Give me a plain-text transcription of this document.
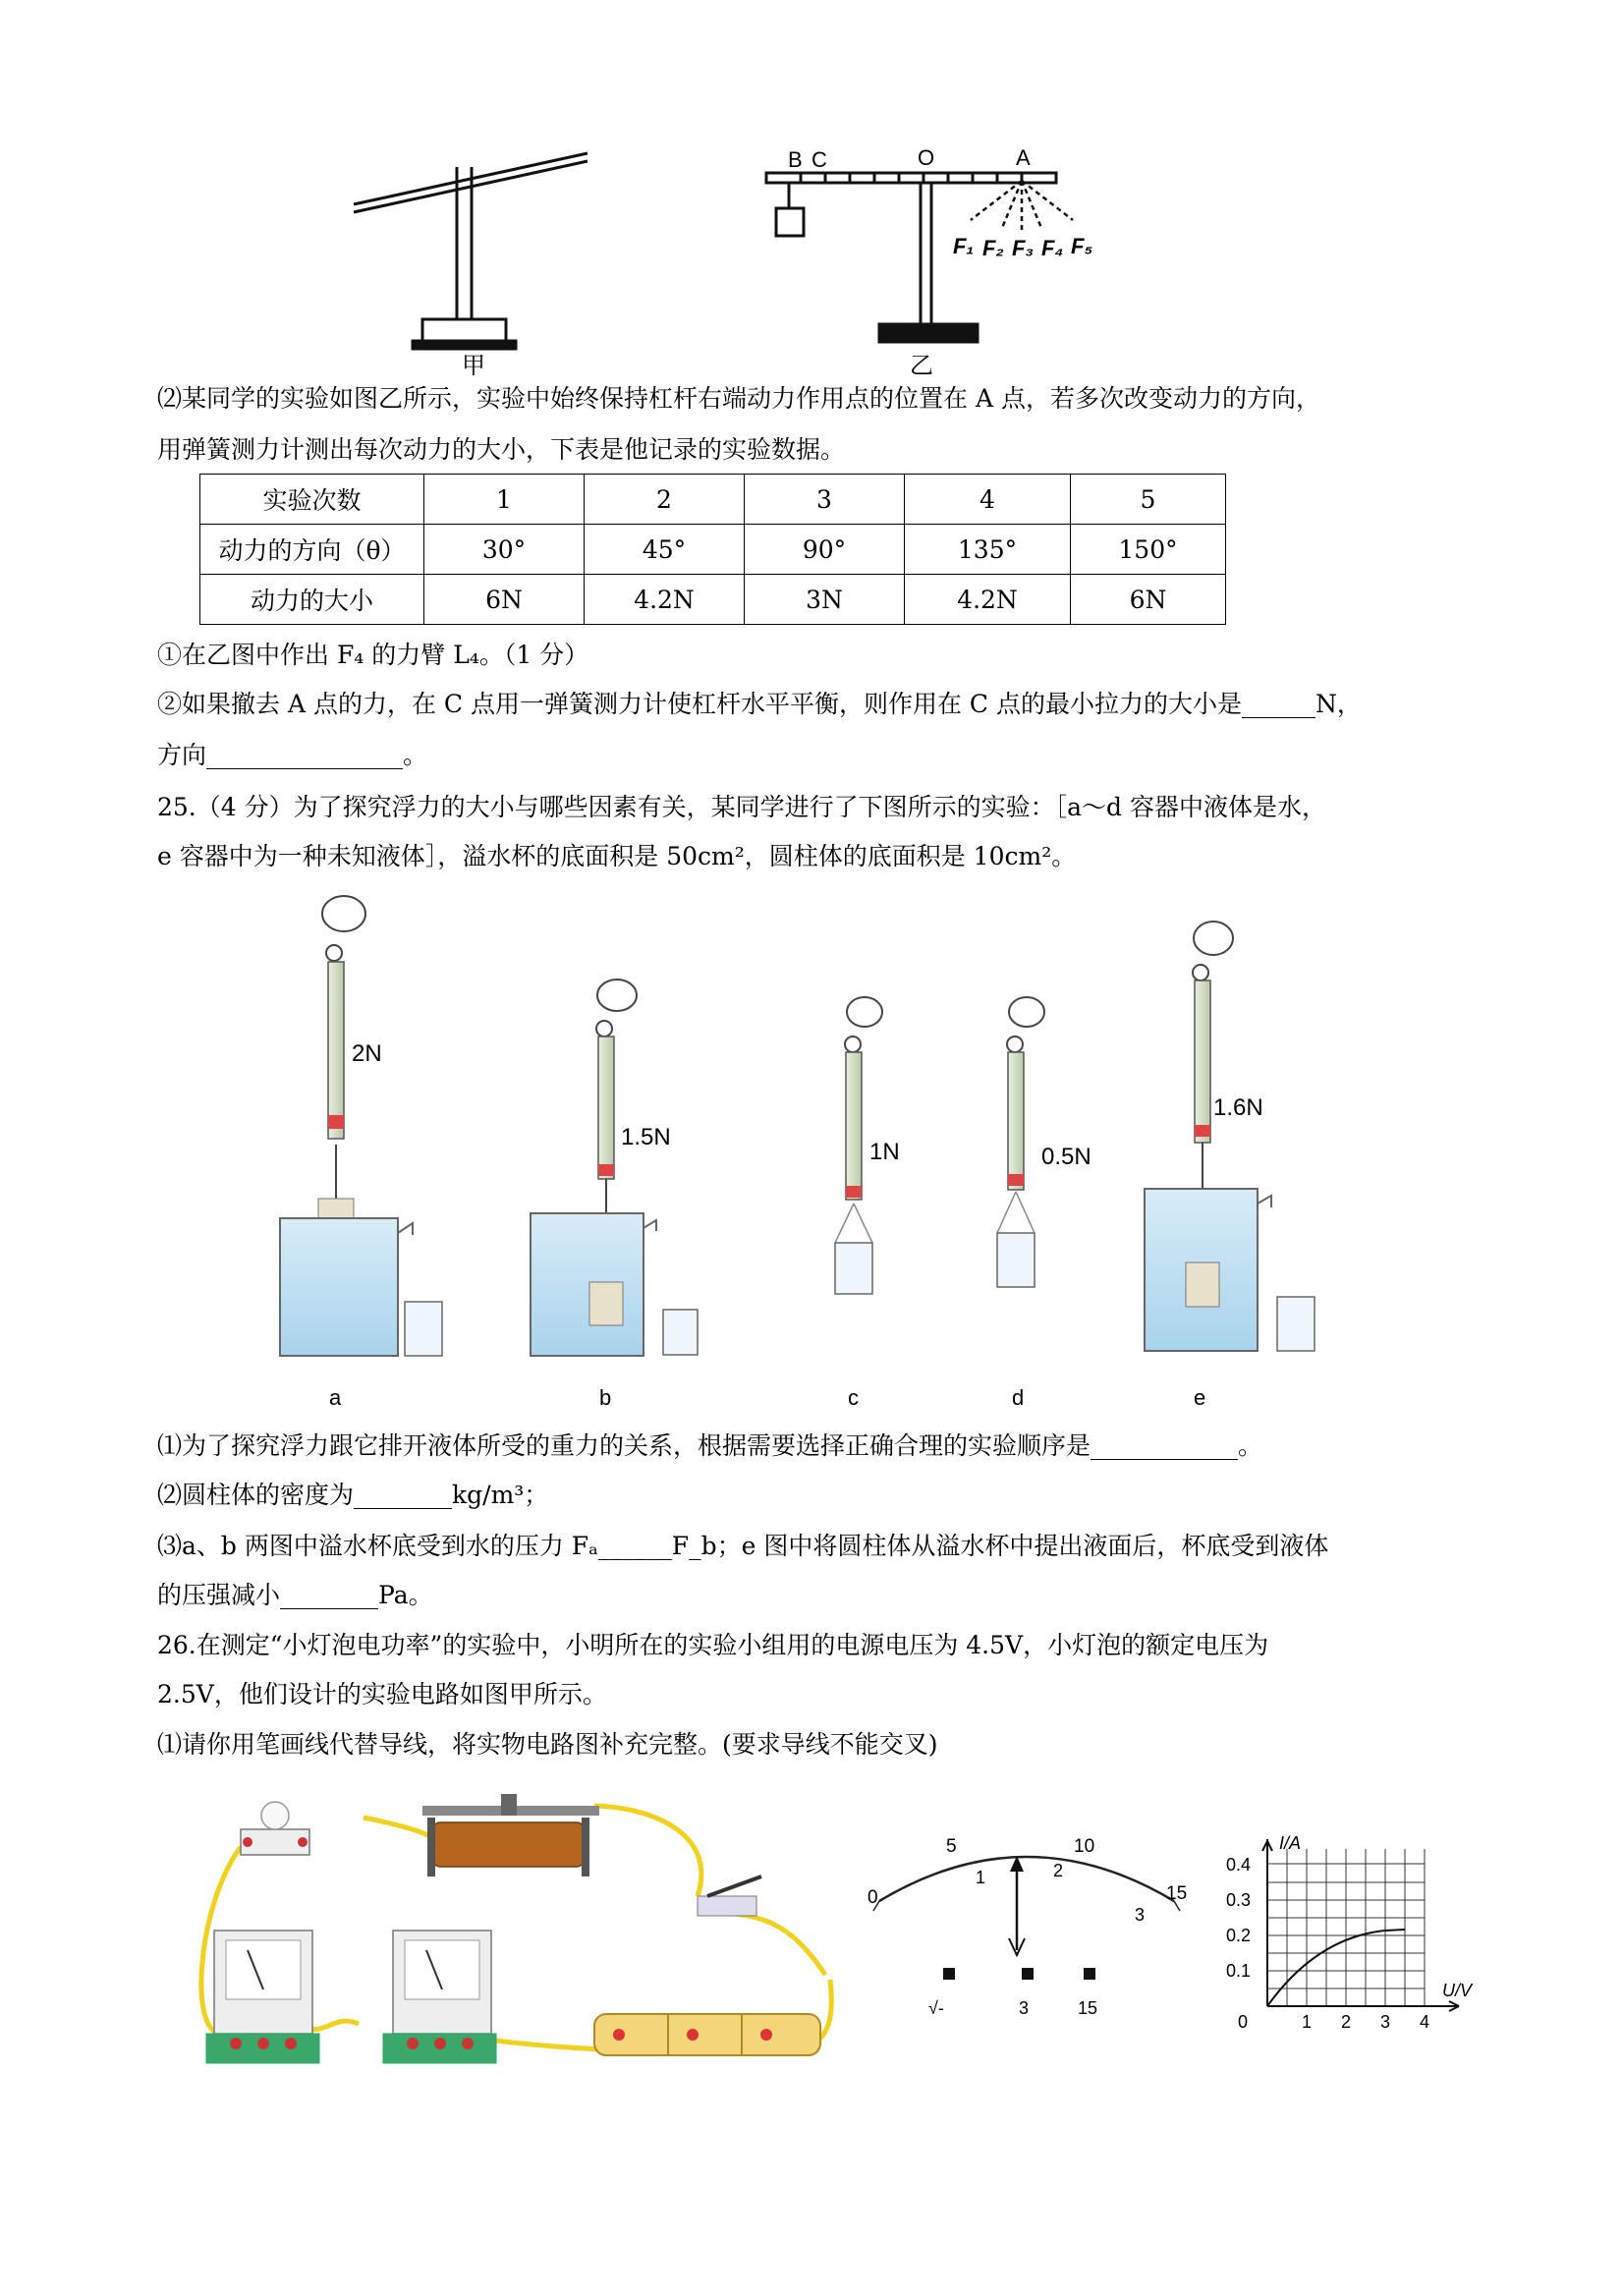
甲
B C	O	A
F₁ F₂ F₃ F₄ F₅
乙
⑵某同学的实验如图乙所示，实验中始终保持杠杆右端动力作用点的位置在 A 点，若多次改变动力的方向，
用弹簧测力计测出每次动力的大小，下表是他记录的实验数据。
实验次数	1	2	3	4	5
动力的方向（θ）	30°	45°	90°	135°	150°
动力的大小	6N	4.2N	3N	4.2N	6N
①在乙图中作出 F₄ 的力臂 L₄。（1 分）
②如果撤去 A 点的力，在 C 点用一弹簧测力计使杠杆水平平衡，则作用在 C 点的最小拉力的大小是______N，
方向________________。
25.（4 分）为了探究浮力的大小与哪些因素有关，某同学进行了下图所示的实验：［a～d 容器中液体是水，
e 容器中为一种未知液体］，溢水杯的底面积是 50cm²，圆柱体的底面积是 10cm²。
2N
1.5N
1N	0.5N
1.6N
a	b	c	d	e
⑴为了探究浮力跟它排开液体所受的重力的关系，根据需要选择正确合理的实验顺序是____________。
⑵圆柱体的密度为________kg/m³；
⑶a、b 两图中溢水杯底受到水的压力 Fₐ______F_b；e 图中将圆柱体从溢水杯中提出液面后，杯底受到液体
的压强减小________Pa。
26.在测定“小灯泡电功率”的实验中，小明所在的实验小组用的电源电压为 4.5V，小灯泡的额定电压为
2.5V，他们设计的实验电路如图甲所示。
⑴请你用笔画线代替导线，将实物电路图补充完整。(要求导线不能交叉)
0
5	10
15
1	2
3
√-	3	15
I/A
U/V
0.4
0.3
0.2
0.1
0	1 2 3 4
